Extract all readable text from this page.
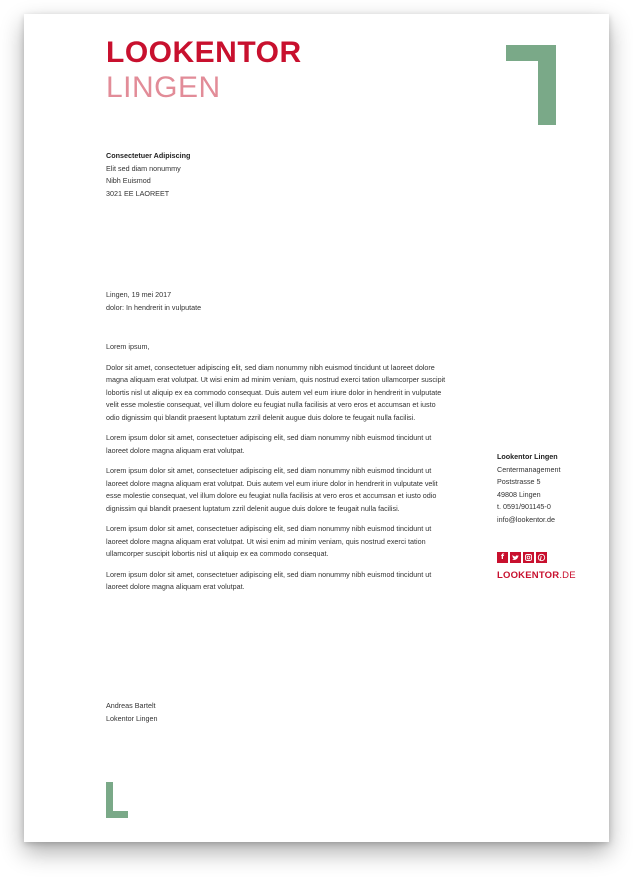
LOOKENTOR
LINGEN
Consectetuer Adipiscing
Elit sed diam nonummy
Nibh Euismod
3021 EE LAOREET
Lingen, 19 mei 2017
dolor: In hendrerit in vulputate

Lorem ipsum,

Dolor sit amet, consectetuer adipiscing elit, sed diam nonummy nibh euismod tincidunt ut laoreet dolore magna aliquam erat volutpat. Ut wisi enim ad minim veniam, quis nostrud exerci tation ullamcorper suscipit lobortis nisl ut aliquip ex ea commodo consequat. Duis autem vel eum iriure dolor in hendrerit in vulputate velit esse molestie consequat, vel illum dolore eu feugiat nulla facilisis at vero eros et accumsan et iusto odio dignissim qui blandit praesent luptatum zzril delenit augue duis dolore te feugait nulla facilisi.

Lorem ipsum dolor sit amet, consectetuer adipiscing elit, sed diam nonummy nibh euismod tincidunt ut laoreet dolore magna aliquam erat volutpat.

Lorem ipsum dolor sit amet, consectetuer adipiscing elit, sed diam nonummy nibh euismod tincidunt ut laoreet dolore magna aliquam erat volutpat. Duis autem vel eum iriure dolor in hendrerit in vulputate velit esse molestie consequat, vel illum dolore eu feugiat nulla facilisis at vero eros et accumsan et iusto odio dignissim qui blandit praesent luptatum zzril delenit augue duis dolore te feugait nulla facilisi.

Lorem ipsum dolor sit amet, consectetuer adipiscing elit, sed diam nonummy nibh euismod tincidunt ut laoreet dolore magna aliquam erat volutpat. Ut wisi enim ad minim veniam, quis nostrud exerci tation ullamcorper suscipit lobortis nisl ut aliquip ex ea commodo consequat.

Lorem ipsum dolor sit amet, consectetuer adipiscing elit, sed diam nonummy nibh euismod tincidunt ut laoreet dolore magna aliquam erat volutpat.

Andreas Bartelt
Lokentor Lingen
Lookentor Lingen
Centermanagement
Poststrasse 5
49808 Lingen
t. 0591/901145-0
info@lookentor.de
f
LOOKENTOR.DE
